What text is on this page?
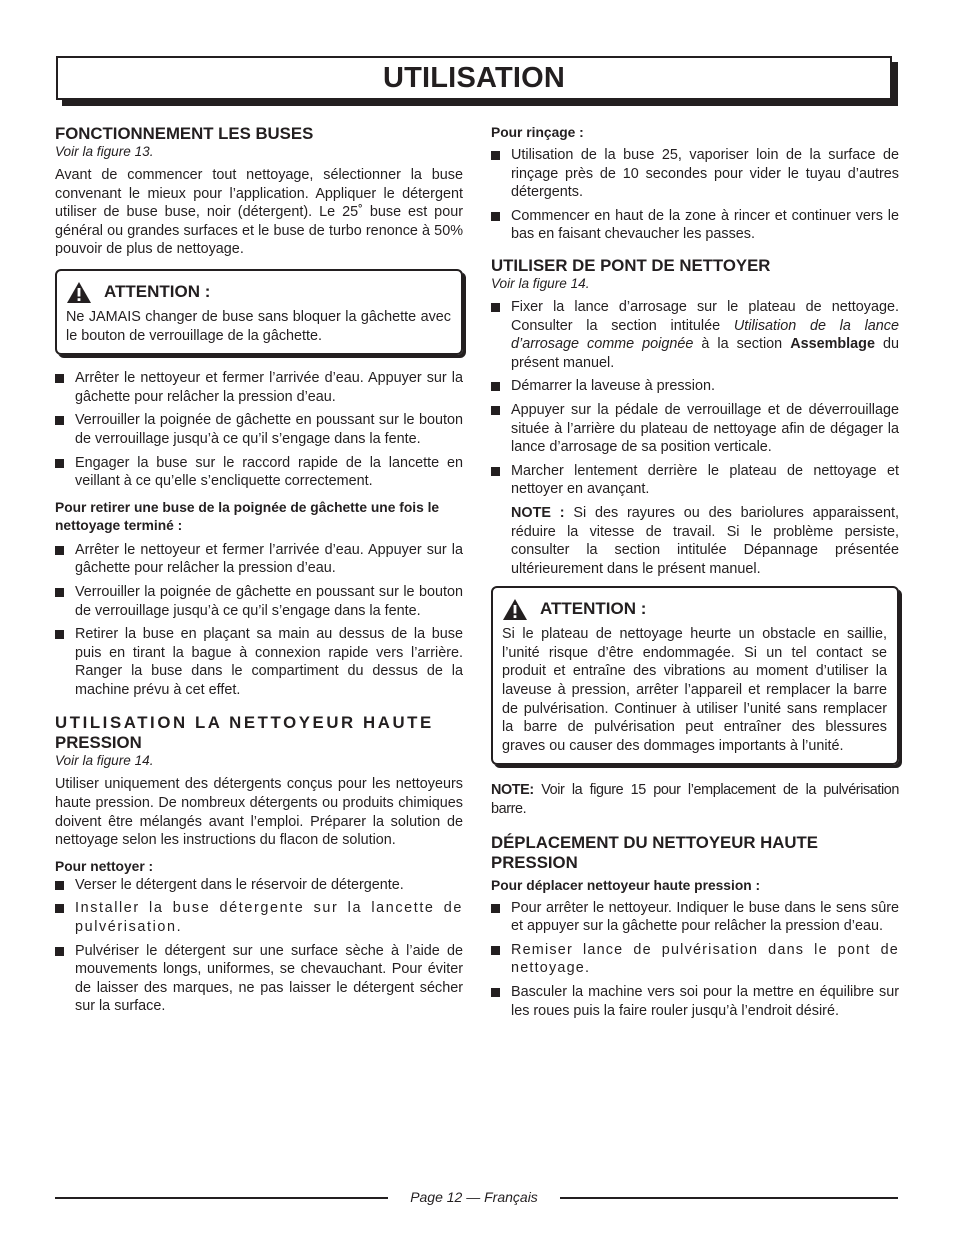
UTILISATION
FONCTIONNEMENT LES BUSES
Voir la figure 13.

Avant de commencer tout nettoyage, sélectionner la buse convenant le mieux pour l’application. Appliquer le détergent utiliser de buse buse, noir (détergent). Le 25˚ buse est pour général ou grandes surfaces et le buse de turbo renonce à 50% pouvoir de plus de nettoyage.

ATTENTION :

Ne JAMAIS changer de buse sans bloquer la gâchette avec le bouton de verrouillage de la gâchette.

Arrêter le nettoyeur et fermer l’arrivée d’eau. Appuyer sur la gâchette pour relâcher la pression d’eau.
Verrouiller la poignée de gâchette en poussant sur le bouton de verrouillage jusqu’à ce qu’il s’engage dans la fente.
Engager la buse sur le raccord rapide de la lancette en veillant à ce qu’elle s’encliquette correctement.
Pour retirer une buse de la poignée de gâchette une fois le nettoyage terminé :
Arrêter le nettoyeur et fermer l’arrivée d’eau. Appuyer sur la gâchette pour relâcher la pression d’eau.
Verrouiller la poignée de gâchette en poussant sur le bouton de verrouillage jusqu’à ce qu’il s’engage dans la fente.
Retirer la buse en plaçant sa main au dessus de la buse puis en tirant la bague à connexion rapide vers l’arrière. Ranger la buse dans le compartiment du dessus de la machine prévu à cet effet.
UTILISATION LA NETTOYEUR HAUTE
PRESSION
Voir la figure 14.

Utiliser uniquement des détergents conçus pour les nettoyeurs haute pression. De nombreux détergents ou produits chimiques doivent être mélangés avant l’emploi. Préparer la solution de nettoyage selon les instructions du flacon de solution.

Pour nettoyer :
Verser le détergent dans le réservoir de détergente.
Installer la buse détergente sur la lancette de pulvérisation.
Pulvériser le détergent sur une surface sèche à l’aide de mouvements longs, uniformes, se chevauchant. Pour éviter de laisser des marques, ne pas laisser le détergent sécher sur la surface.
Pour rinçage :
Utilisation de la buse 25, vaporiser loin de la surface de rinçage près de 10 secondes pour vider le tuyau d’autres détergents.
Commencer en haut de la zone à rincer et continuer vers le bas en faisant chevaucher les passes.
UTILISER DE PONT DE NETTOYER
Voir la figure 14.
Fixer la lance d’arrosage sur le plateau de nettoyage. Consulter la section intitulée Utilisation de la lance d’arrosage comme poignée à la section Assemblage du présent manuel.
Démarrer la laveuse à pression.
Appuyer sur la pédale de verrouillage et de déverrouillage située à l’arrière du plateau de nettoyage afin de dégager la lance d’arrosage de sa position verticale.
Marcher lentement derrière le plateau de nettoyage et nettoyer en avançant.
NOTE : Si des rayures ou des bariolures apparaissent, réduire la vitesse de travail. Si le problème persiste, consulter la section intitulée Dépannage présentée ultérieurement dans le présent manuel.
ATTENTION :

Si le plateau de nettoyage heurte un obstacle en saillie, l’unité risque d’être endommagée. Si un tel contact se produit et entraîne des vibrations au moment d’utiliser la laveuse à pression, arrêter l’appareil et remplacer la barre de pulvérisation. Continuer à utiliser l’unité sans remplacer la barre de pulvérisation peut entraîner des blessures graves ou causer des dommages importants à l’unité.

NOTE: Voir la figure 15 pour l’emplacement de la pulvérisation barre.

DÉPLACEMENT DU NETTOYEUR HAUTE PRESSION
Pour déplacer nettoyeur haute pression :
Pour arrêter le nettoyeur. Indiquer le buse dans le sens sûre et appuyer sur la gâchette pour relâcher la pression d’eau.
Remiser lance de pulvérisation dans le pont de nettoyage.
Basculer la machine vers soi pour la mettre en équilibre sur les roues puis la faire rouler jusqu’à l’endroit désiré.
Page 12 — Français
